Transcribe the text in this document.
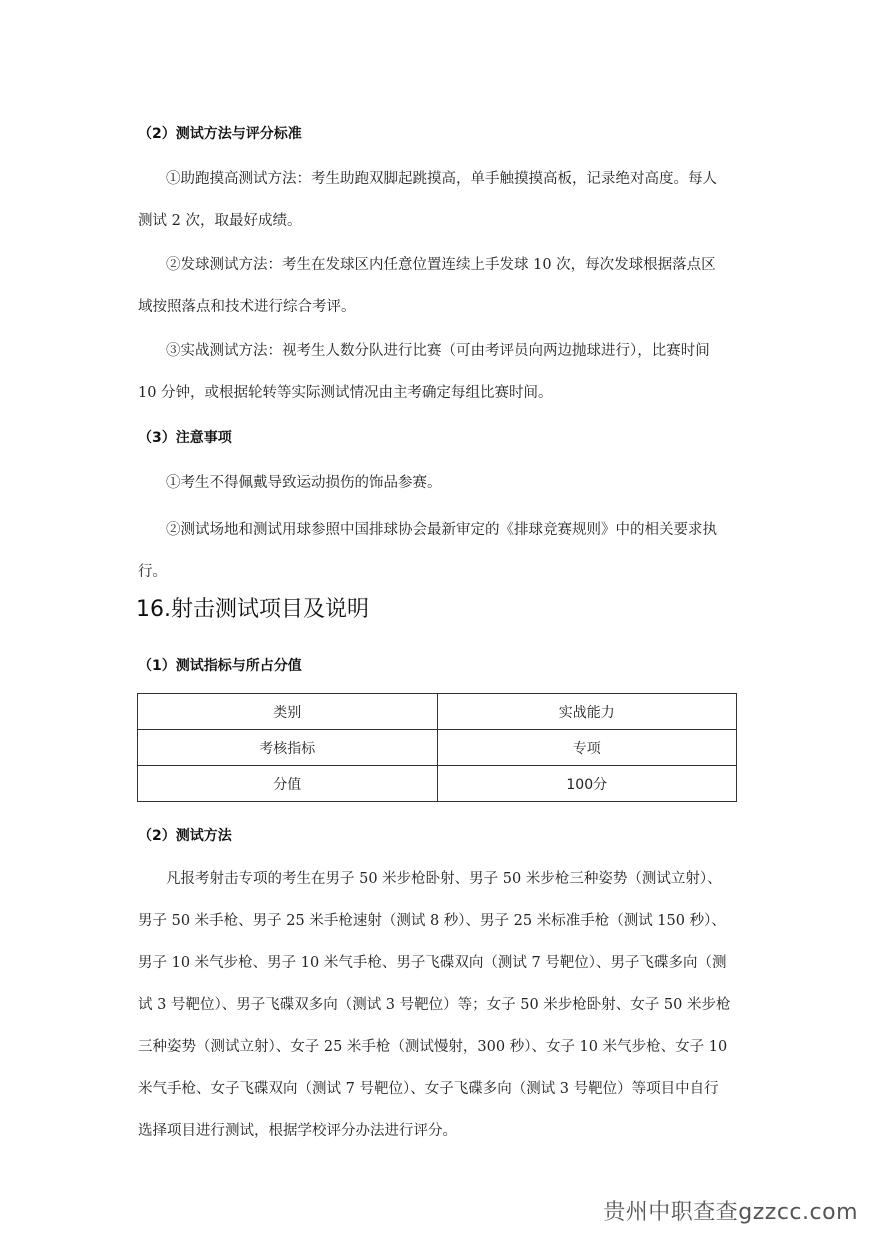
（2）测试方法与评分标准
①助跑摸高测试方法：考生助跑双脚起跳摸高，单手触摸摸高板，记录绝对高度。每人
测试 2 次，取最好成绩。
②发球测试方法：考生在发球区内任意位置连续上手发球 10 次，每次发球根据落点区
域按照落点和技术进行综合考评。
③实战测试方法：视考生人数分队进行比赛（可由考评员向两边抛球进行），比赛时间
10 分钟，或根据轮转等实际测试情况由主考确定每组比赛时间。
（3）注意事项
①考生不得佩戴导致运动损伤的饰品参赛。
②测试场地和测试用球参照中国排球协会最新审定的《排球竞赛规则》中的相关要求执
行。
16.射击测试项目及说明
（1）测试指标与所占分值
类别	实战能力
考核指标	专项
分值	100分
（2）测试方法
凡报考射击专项的考生在男子 50 米步枪卧射、男子 50 米步枪三种姿势（测试立射）、
男子 50 米手枪、男子 25 米手枪速射（测试 8 秒）、男子 25 米标准手枪（测试 150 秒）、
男子 10 米气步枪、男子 10 米气手枪、男子飞碟双向（测试 7 号靶位）、男子飞碟多向（测
试 3 号靶位）、男子飞碟双多向（测试 3 号靶位）等；女子 50 米步枪卧射、女子 50 米步枪
三种姿势（测试立射）、女子 25 米手枪（测试慢射，300 秒）、女子 10 米气步枪、女子 10
米气手枪、女子飞碟双向（测试 7 号靶位）、女子飞碟多向（测试 3 号靶位）等项目中自行
选择项目进行测试，根据学校评分办法进行评分。
贵州中职查查gzzcc.com
